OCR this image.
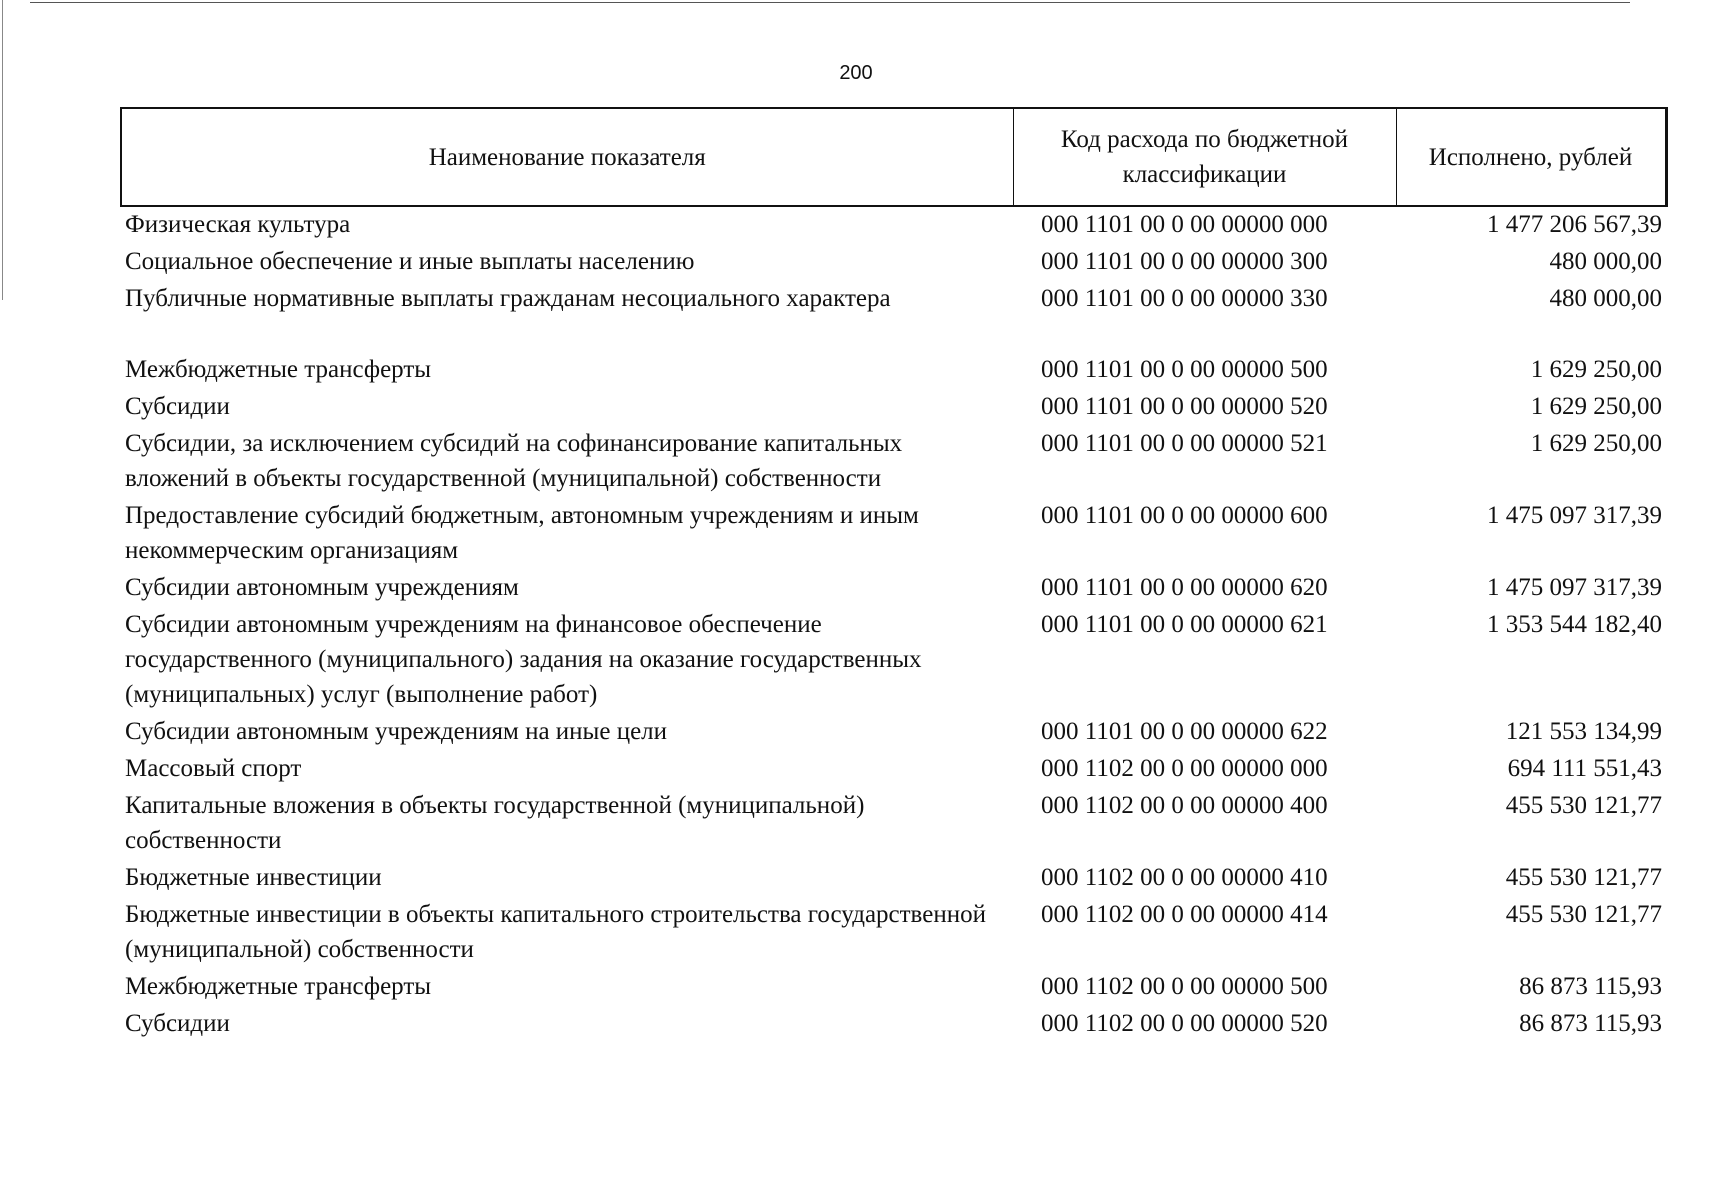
200
Наименование показателя	Код расхода по бюджетной классификации	Исполнено, рублей
Физическая культура	000 1101 00 0 00 00000 000	1 477 206 567,39
Социальное обеспечение и иные выплаты населению	000 1101 00 0 00 00000 300	480 000,00
Публичные нормативные выплаты гражданам несоциального характера	000 1101 00 0 00 00000 330	480 000,00
Межбюджетные трансферты	000 1101 00 0 00 00000 500	1 629 250,00
Субсидии	000 1101 00 0 00 00000 520	1 629 250,00
Субсидии, за исключением субсидий на софинансирование капитальных вложений в объекты государственной (муниципальной) собственности	000 1101 00 0 00 00000 521	1 629 250,00
Предоставление субсидий бюджетным, автономным учреждениям и иным некоммерческим организациям	000 1101 00 0 00 00000 600	1 475 097 317,39
Субсидии автономным учреждениям	000 1101 00 0 00 00000 620	1 475 097 317,39
Субсидии автономным учреждениям на финансовое обеспечение государственного (муниципального) задания на оказание государственных (муниципальных) услуг (выполнение работ)	000 1101 00 0 00 00000 621	1 353 544 182,40
Субсидии автономным учреждениям на иные цели	000 1101 00 0 00 00000 622	121 553 134,99
Массовый спорт	000 1102 00 0 00 00000 000	694 111 551,43
Капитальные вложения в объекты государственной (муниципальной) собственности	000 1102 00 0 00 00000 400	455 530 121,77
Бюджетные инвестиции	000 1102 00 0 00 00000 410	455 530 121,77
Бюджетные инвестиции в объекты капитального строительства государственной (муниципальной) собственности	000 1102 00 0 00 00000 414	455 530 121,77
Межбюджетные трансферты	000 1102 00 0 00 00000 500	86 873 115,93
Субсидии	000 1102 00 0 00 00000 520	86 873 115,93
